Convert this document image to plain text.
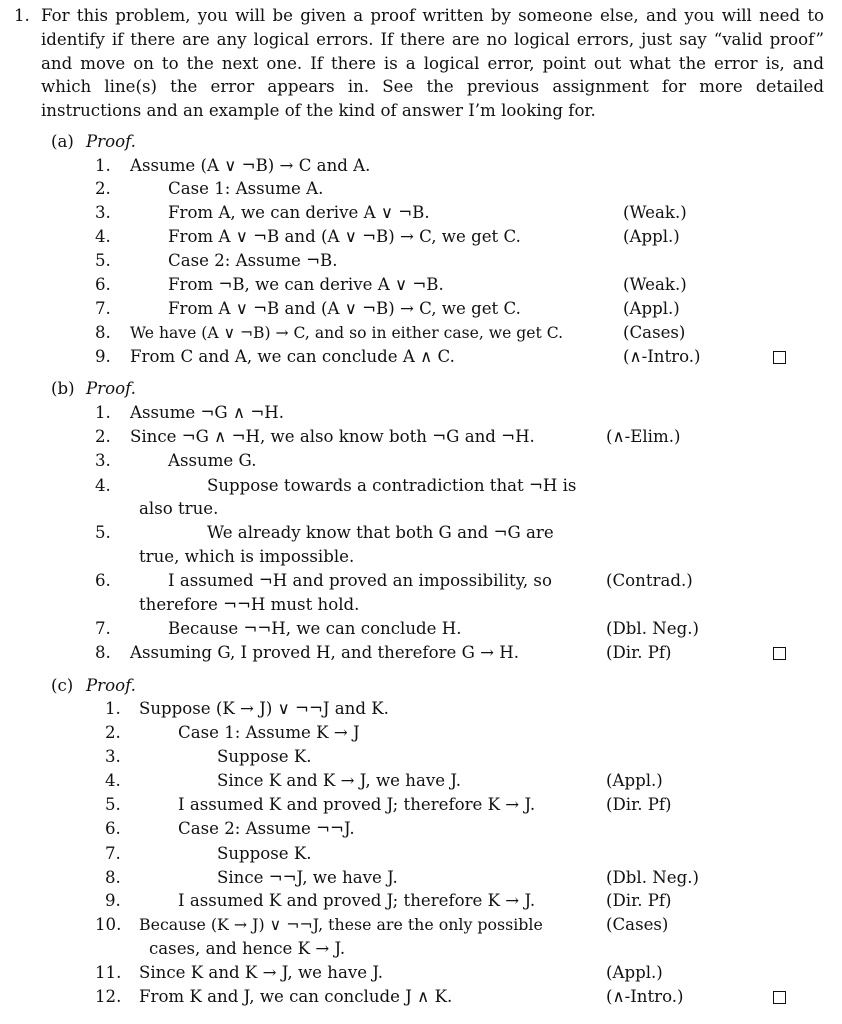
1. For this problem, you will be given a proof written by someone else, and you will need to identify if there are any logical errors. If there are no logical errors, just say “valid proof” and move on to the next one. If there is a logical error, point out what the error is, and which line(s) the error appears in. See the previous assignment for more detailed instructions and an example of the kind of answer I’m looking for.
(a) Proof.
1. Assume (A ∨ ¬B) → C and A.
2.	Case 1: Assume A.
3.	From A, we can derive A ∨ ¬B.	(Weak.)
4.	From A ∨ ¬B and (A ∨ ¬B) → C, we get C.	(Appl.)
5.	Case 2: Assume ¬B.
6.	From ¬B, we can derive A ∨ ¬B.	(Weak.)
7.	From A ∨ ¬B and (A ∨ ¬B) → C, we get C.	(Appl.)
8. We have (A ∨ ¬B) → C, and so in either case, we get C.	(Cases)
9. From C and A, we can conclude A ∧ C.	(∧-Intro.)
(b) Proof.
1. Assume ¬G ∧ ¬H.
2. Since ¬G ∧ ¬H, we also know both ¬G and ¬H.	(∧-Elim.)
3.	Assume G.
4.	Suppose towards a contradiction that ¬H is
also true.
5.	We already know that both G and ¬G are
true, which is impossible.
6.	I assumed ¬H and proved an impossibility, so	(Contrad.)
therefore ¬¬H must hold.
7.	Because ¬¬H, we can conclude H.	(Dbl. Neg.)
8. Assuming G, I proved H, and therefore G → H.	(Dir. Pf)
(c) Proof.
1. Suppose (K → J) ∨ ¬¬J and K.
2.	Case 1: Assume K → J
3.	Suppose K.
4.	Since K and K → J, we have J.	(Appl.)
5.	I assumed K and proved J; therefore K → J.	(Dir. Pf)
6.	Case 2: Assume ¬¬J.
7.	Suppose K.
8.	Since ¬¬J, we have J.	(Dbl. Neg.)
9.	I assumed K and proved J; therefore K → J.	(Dir. Pf)
10. Because (K → J) ∨ ¬¬J, these are the only possible	(Cases)
cases, and hence K → J.
11. Since K and K → J, we have J.	(Appl.)
12. From K and J, we can conclude J ∧ K.	(∧-Intro.)
